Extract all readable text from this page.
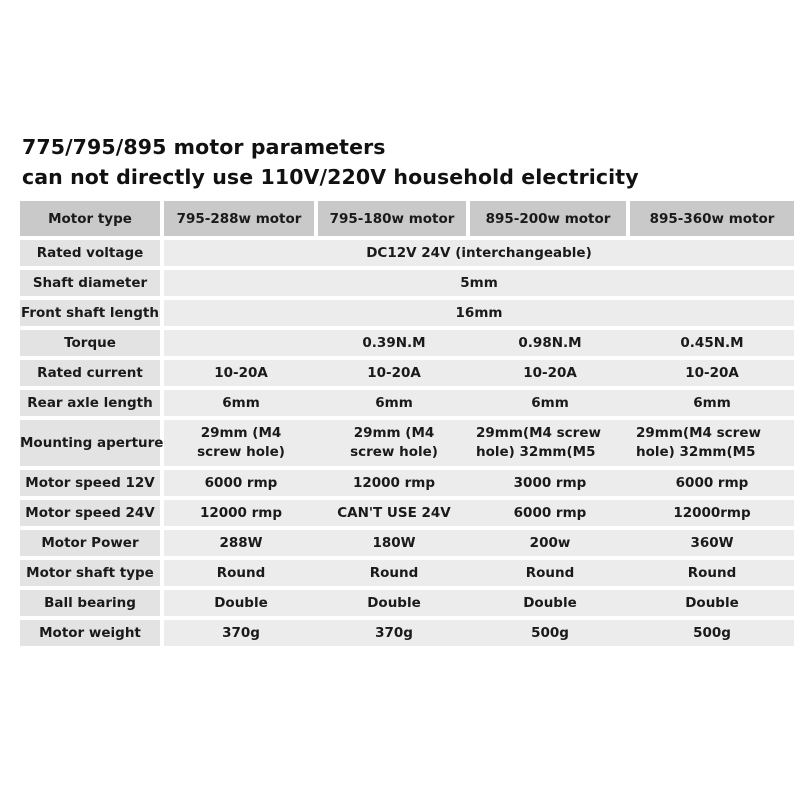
775/795/895 motor parameters
can not directly use 110V/220V household electricity
Motor type	795-288w motor	795-180w motor	895-200w motor	895-360w motor
Rated voltage	DC12V 24V (interchangeable)			
Shaft diameter	5mm			
Front shaft length	16mm			
Torque		0.39N.M	0.98N.M	0.45N.M
Rated current	10-20A	10-20A	10-20A	10-20A
Rear axle length	6mm	6mm	6mm	6mm
Mounting aperture	29mm (M4 screw hole)	29mm (M4 screw hole)	29mm(M4 screw hole) 32mm(M5	29mm(M4 screw hole) 32mm(M5

Motor speed 12V	6000 rmp	12000 rmp	3000 rmp	6000 rmp
Motor speed 24V	12000 rmp	CAN'T USE 24V	6000 rmp	12000rmp
Motor Power	288W	180W	200w	360W
Motor shaft type	Round	Round	Round	Round
Ball bearing	Double	Double	Double	Double
Motor weight	370g	370g	500g	500g
